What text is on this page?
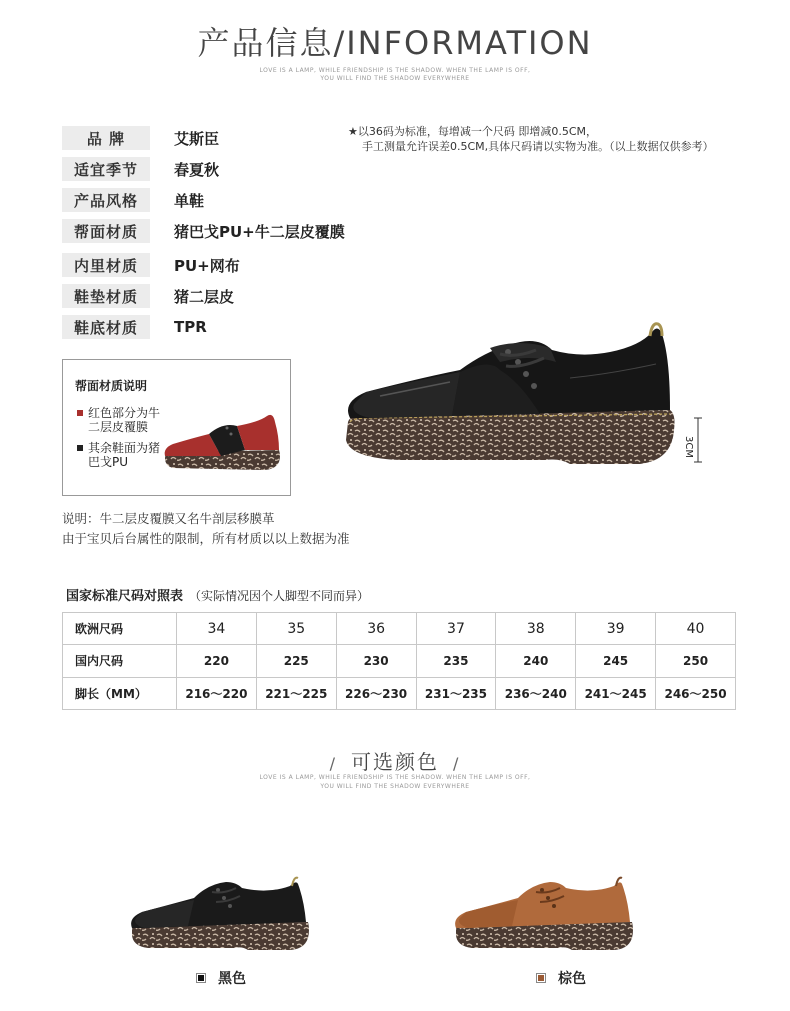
产品信息/INFORMATION
LOVE IS A LAMP, WHILE FRIENDSHIP IS THE SHADOW. WHEN THE LAMP IS OFF,
YOU WILL FIND THE SHADOW EVERYWHERE
品 牌	艾斯臣
适宜季节	春夏秋
产品风格	单鞋
帮面材质	猪巴戈PU+牛二层皮覆膜
内里材质	PU+网布
鞋垫材质	猪二层皮
鞋底材质	TPR
★以36码为标准，每增减一个尺码 即增减0.5CM，
手工测量允许误差0.5CM,具体尺码请以实物为准。（以上数据仅供参考）
3CM
帮面材质说明
红色部分为牛二层皮覆膜
其余鞋面为猪巴戈PU
说明：牛二层皮覆膜又名牛剖层移膜革
由于宝贝后台属性的限制，所有材质以以上数据为准
国家标准尺码对照表 （实际情况因个人脚型不同而异）
欧洲尺码	34	35	36	37	38	39	40
国内尺码	220	225	230	235	240	245	250
脚长（MM）	216～220	221～225	226～230	231～235	236～240	241～245	246～250
/ 可选颜色 /
LOVE IS A LAMP, WHILE FRIENDSHIP IS THE SHADOW. WHEN THE LAMP IS OFF,
YOU WILL FIND THE SHADOW EVERYWHERE
黑色	棕色
